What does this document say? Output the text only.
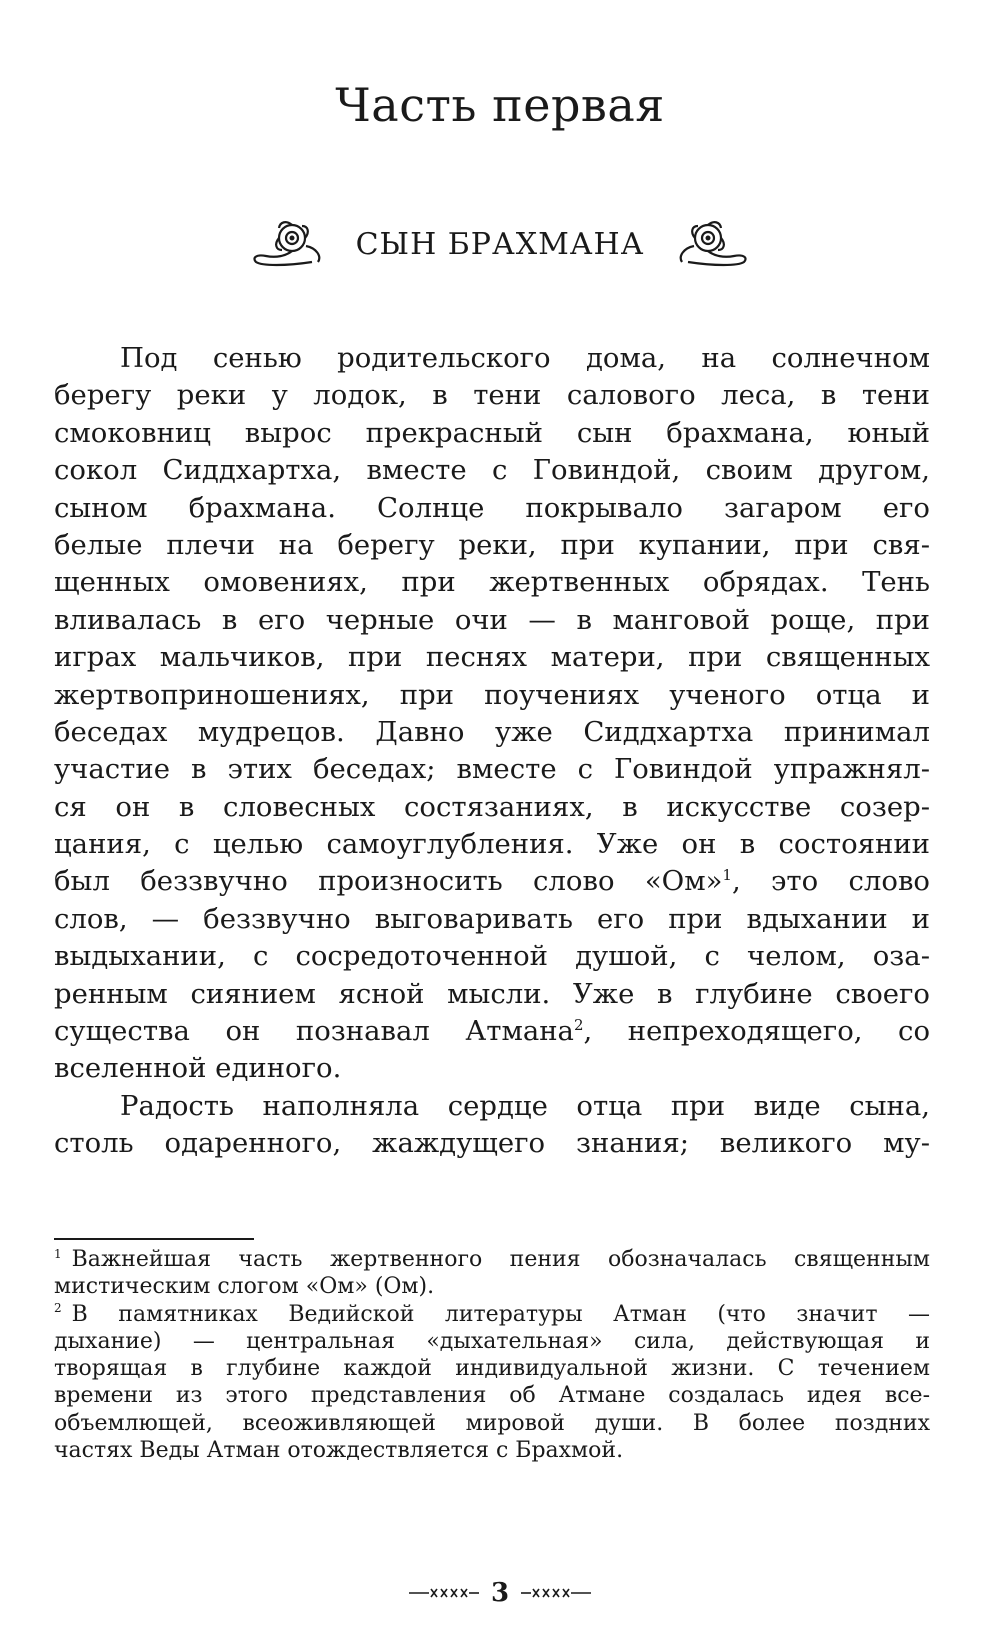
Часть первая
СЫН БРАХМАНА
Под сенью родительского дома, на солнечном
берегу реки у лодок, в тени салового леса, в тени
смоковниц вырос прекрасный сын брахмана, юный
сокол Сиддхартха, вместе с Говиндой, своим другом,
сыном брахмана. Солнце покрывало загаром его
белые плечи на берегу реки, при купании, при свя-
щенных омовениях, при жертвенных обрядах. Тень
вливалась в его черные очи — в манговой роще, при
играх мальчиков, при песнях матери, при священных
жертвоприношениях, при поучениях ученого отца и
беседах мудрецов. Давно уже Сиддхартха принимал
участие в этих беседах; вместе с Говиндой упражнял-
ся он в словесных состязаниях, в искусстве созер-
цания, с целью самоуглубления. Уже он в состоянии
был беззвучно произносить слово «Ом»$^1$, это слово
слов, — беззвучно выговаривать его при вдыхании и
выдыхании, с сосредоточенной душой, с челом, оза-
ренным сиянием ясной мысли. Уже в глубине своего
существа он познавал Атмана$^2$, непреходящего, со
вселенной единого.
Радость наполняла сердце отца при виде сына,
столь одаренного, жаждущего знания; великого му-
$^1$ Важнейшая часть жертвенного пения обозначалась священным
мистическим слогом «Ом» (Ом).
$^2$ В памятниках Ведийской литературы Атман (что значит —
дыхание) — центральная «дыхательная» сила, действующая и
творящая в глубине каждой индивидуальной жизни. С течением
времени из этого представления об Атмане создалась идея все-
объемлющей, всеоживляющей мировой души. В более поздних
частях Веды Атман отождествляется с Брахмой.
3
